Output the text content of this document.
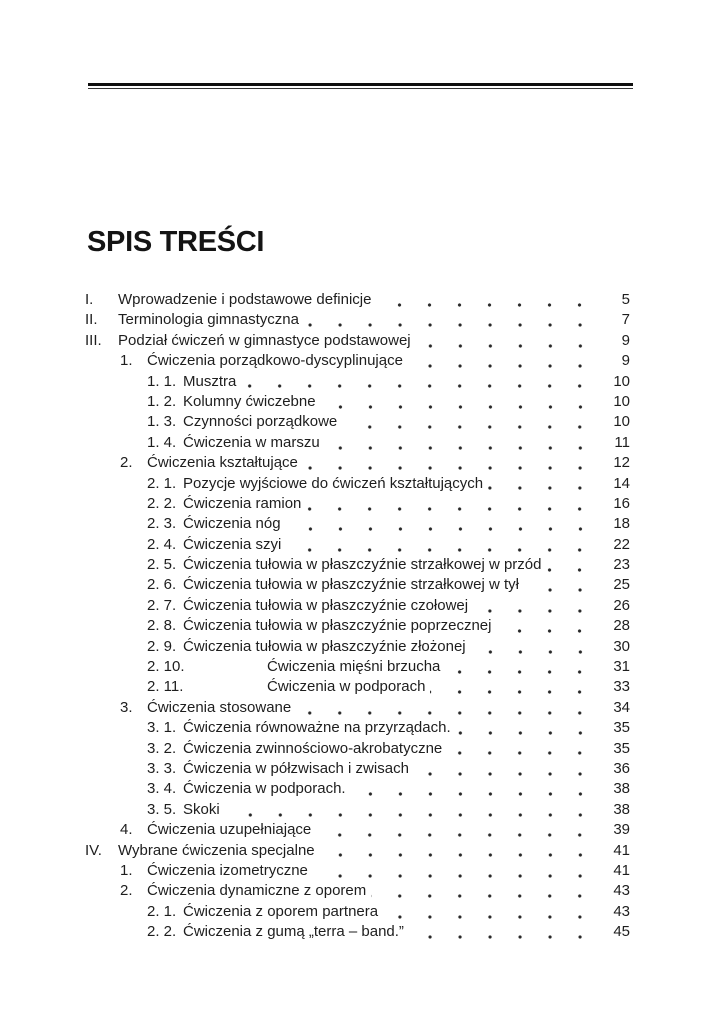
SPIS TREŚCI
I.	Wprowadzenie i podstawowe definicje	5
II.	Terminologia gimnastyczna	7
III.	Podział ćwiczeń w gimnastyce podstawowej	9
1. Ćwiczenia porządkowo-dyscyplinujące	9
1. 1. Musztra	10
1. 2. Kolumny ćwiczebne	10
1. 3. Czynności porządkowe	10
1. 4. Ćwiczenia w marszu	11
2. Ćwiczenia kształtujące	12
2. 1. Pozycje wyjściowe do ćwiczeń kształtujących	14
2. 2. Ćwiczenia ramion	16
2. 3. Ćwiczenia nóg	18
2. 4. Ćwiczenia szyi	22
2. 5. Ćwiczenia tułowia w płaszczyźnie strzałkowej w przód	23
2. 6. Ćwiczenia tułowia w płaszczyźnie strzałkowej w tył	25
2. 7. Ćwiczenia tułowia w płaszczyźnie czołowej	26
2. 8. Ćwiczenia tułowia w płaszczyźnie poprzecznej	28
2. 9. Ćwiczenia tułowia w płaszczyźnie złożonej	30
2. 10.	Ćwiczenia mięśni brzucha	31
2. 11.	Ćwiczenia w podporach	33
3. Ćwiczenia stosowane	34
3. 1. Ćwiczenia równoważne na przyrządach.	35
3. 2. Ćwiczenia zwinnościowo-akrobatyczne	35
3. 3. Ćwiczenia w półzwisach i zwisach	36
3. 4. Ćwiczenia w podporach.	38
3. 5. Skoki	38
4. Ćwiczenia uzupełniające	39
IV.	Wybrane ćwiczenia specjalne	41
1. Ćwiczenia izometryczne	41
2. Ćwiczenia dynamiczne z oporem	43
2. 1. Ćwiczenia z oporem partnera	43
2. 2. Ćwiczenia z gumą „terra – band.”	45
